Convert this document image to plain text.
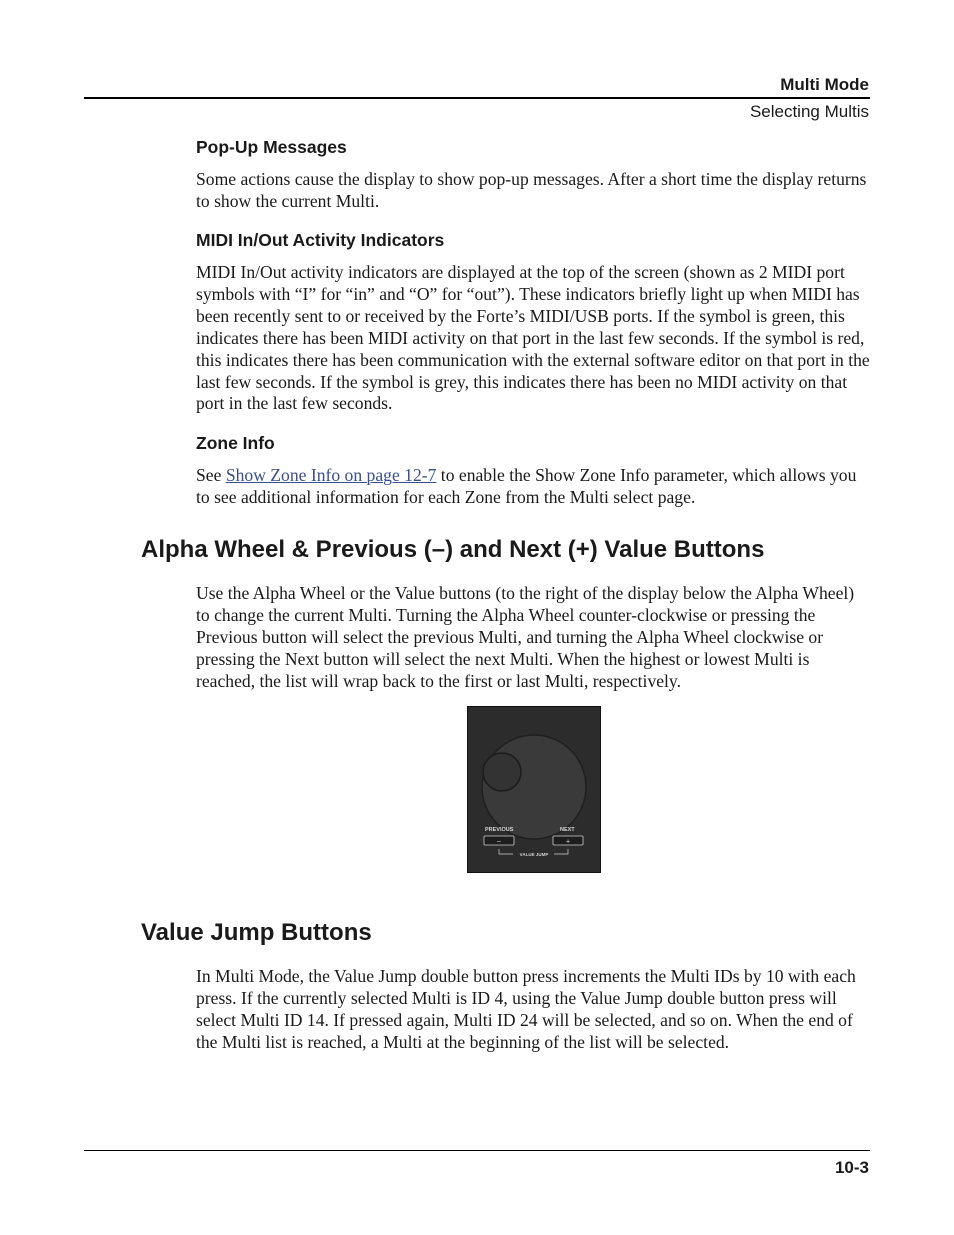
Multi Mode
Selecting Multis
Pop-Up Messages

Some actions cause the display to show pop-up messages. After a short time the display returns to show the current Multi.

MIDI In/Out Activity Indicators

MIDI In/Out activity indicators are displayed at the top of the screen (shown as 2 MIDI port symbols with “I” for “in” and “O” for “out”). These indicators briefly light up when MIDI has been recently sent to or received by the Forte’s MIDI/USB ports. If the symbol is green, this indicates there has been MIDI activity on that port in the last few seconds. If the symbol is red, this indicates there has been communication with the external software editor on that port in the last few seconds. If the symbol is grey, this indicates there has been no MIDI activity on that port in the last few seconds.

Zone Info

See Show Zone Info on page 12-7 to enable the Show Zone Info parameter, which allows you to see additional information for each Zone from the Multi select page.

Alpha Wheel & Previous (–) and Next (+) Value Buttons

Use the Alpha Wheel or the Value buttons (to the right of the display below the Alpha Wheel) to change the current Multi. Turning the Alpha Wheel counter-clockwise or pressing the Previous button will select the previous Multi, and turning the Alpha Wheel clockwise or pressing the Next button will select the next Multi. When the highest or lowest Multi is reached, the list will wrap back to the first or last Multi, respectively.

PREVIOUS	NEXT
–	+
VALUE JUMP
Value Jump Buttons

In Multi Mode, the Value Jump double button press increments the Multi IDs by 10 with each press. If the currently selected Multi is ID 4, using the Value Jump double button press will select Multi ID 14. If pressed again, Multi ID 24 will be selected, and so on. When the end of the Multi list is reached, a Multi at the beginning of the list will be selected.

10-3
